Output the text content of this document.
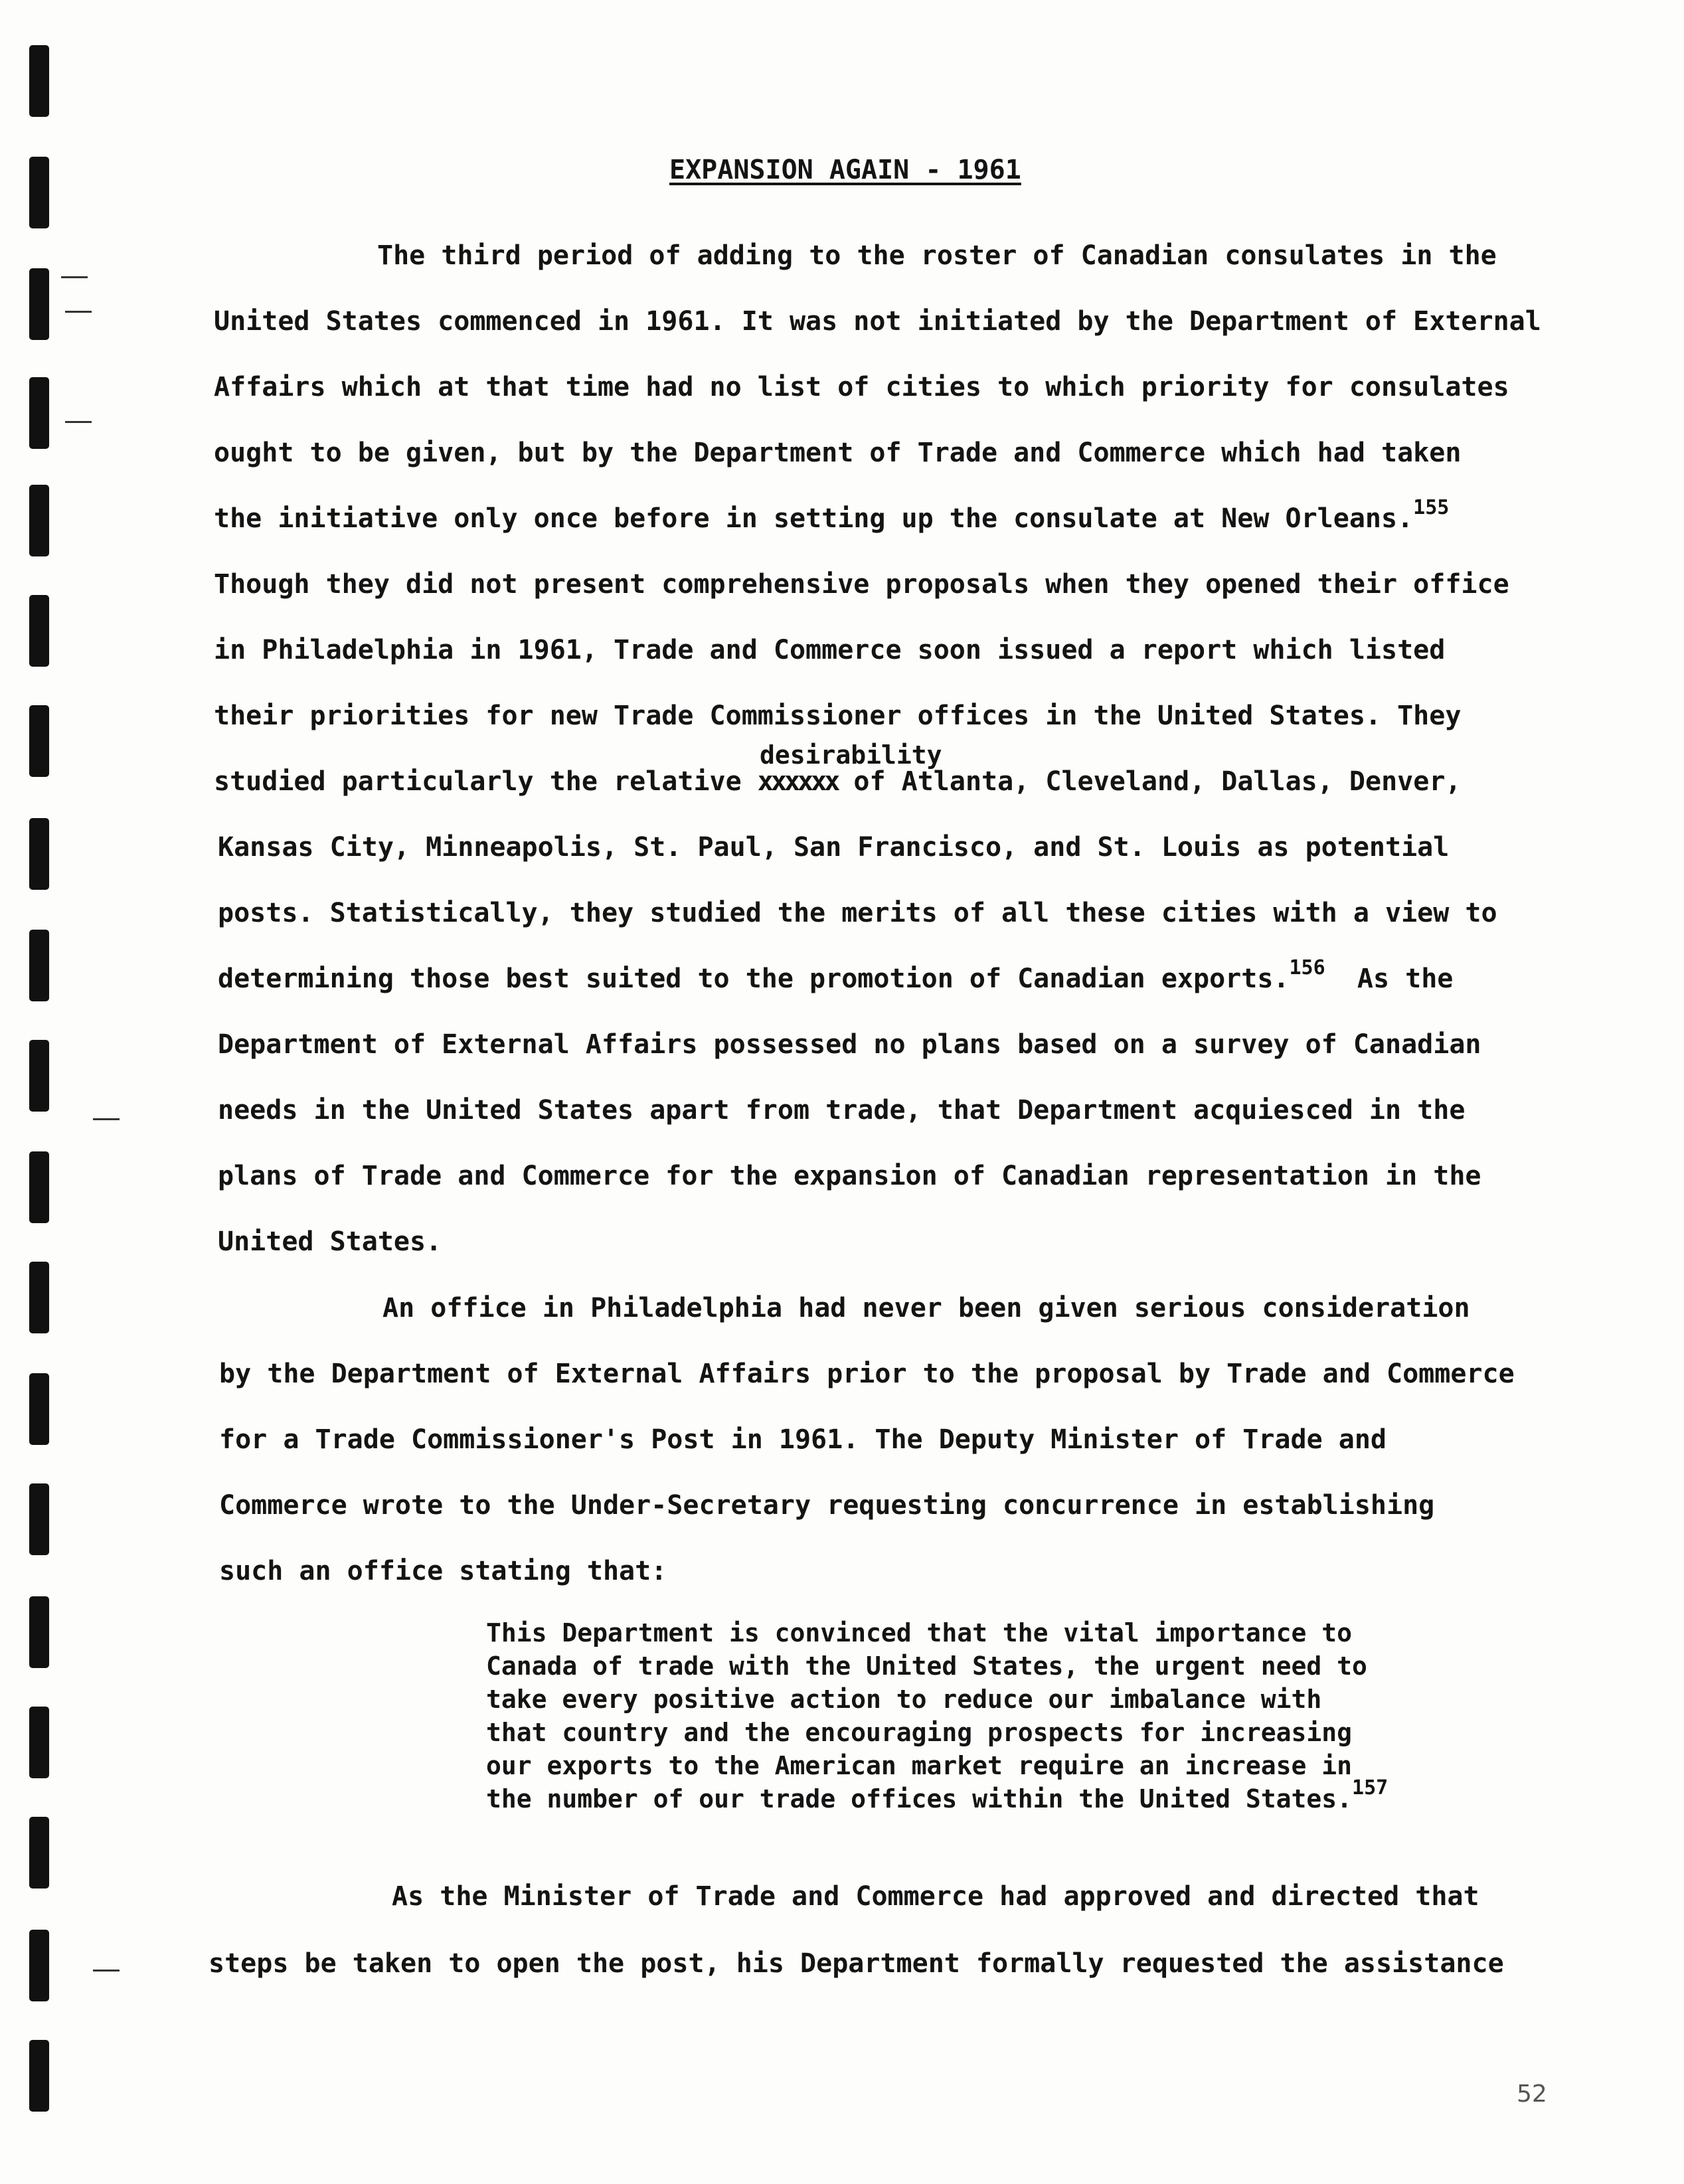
EXPANSION AGAIN - 1961
The third period of adding to the roster of Canadian consulates in the
United States commenced in 1961. It was not initiated by the Department of External
Affairs which at that time had no list of cities to which priority for consulates
ought to be given, but by the Department of Trade and Commerce which had taken
the initiative only once before in setting up the consulate at New Orleans.$^{155}$
Though they did not present comprehensive proposals when they opened their office
in Philadelphia in 1961, Trade and Commerce soon issued a report which listed
their priorities for new Trade Commissioner offices in the United States. They
desirability
studied particularly the relative xxxxxx of Atlanta, Cleveland, Dallas, Denver,
Kansas City, Minneapolis, St. Paul, San Francisco, and St. Louis as potential
posts. Statistically, they studied the merits of all these cities with a view to
determining those best suited to the promotion of Canadian exports.$^{156}$ As the
Department of External Affairs possessed no plans based on a survey of Canadian
needs in the United States apart from trade, that Department acquiesced in the
plans of Trade and Commerce for the expansion of Canadian representation in the
United States.
An office in Philadelphia had never been given serious consideration
by the Department of External Affairs prior to the proposal by Trade and Commerce
for a Trade Commissioner's Post in 1961. The Deputy Minister of Trade and
Commerce wrote to the Under-Secretary requesting concurrence in establishing
such an office stating that:
This Department is convinced that the vital importance to
Canada of trade with the United States, the urgent need to
take every positive action to reduce our imbalance with
that country and the encouraging prospects for increasing
our exports to the American market require an increase in
the number of our trade offices within the United States.$^{157}$
As the Minister of Trade and Commerce had approved and directed that
steps be taken to open the post, his Department formally requested the assistance
52
